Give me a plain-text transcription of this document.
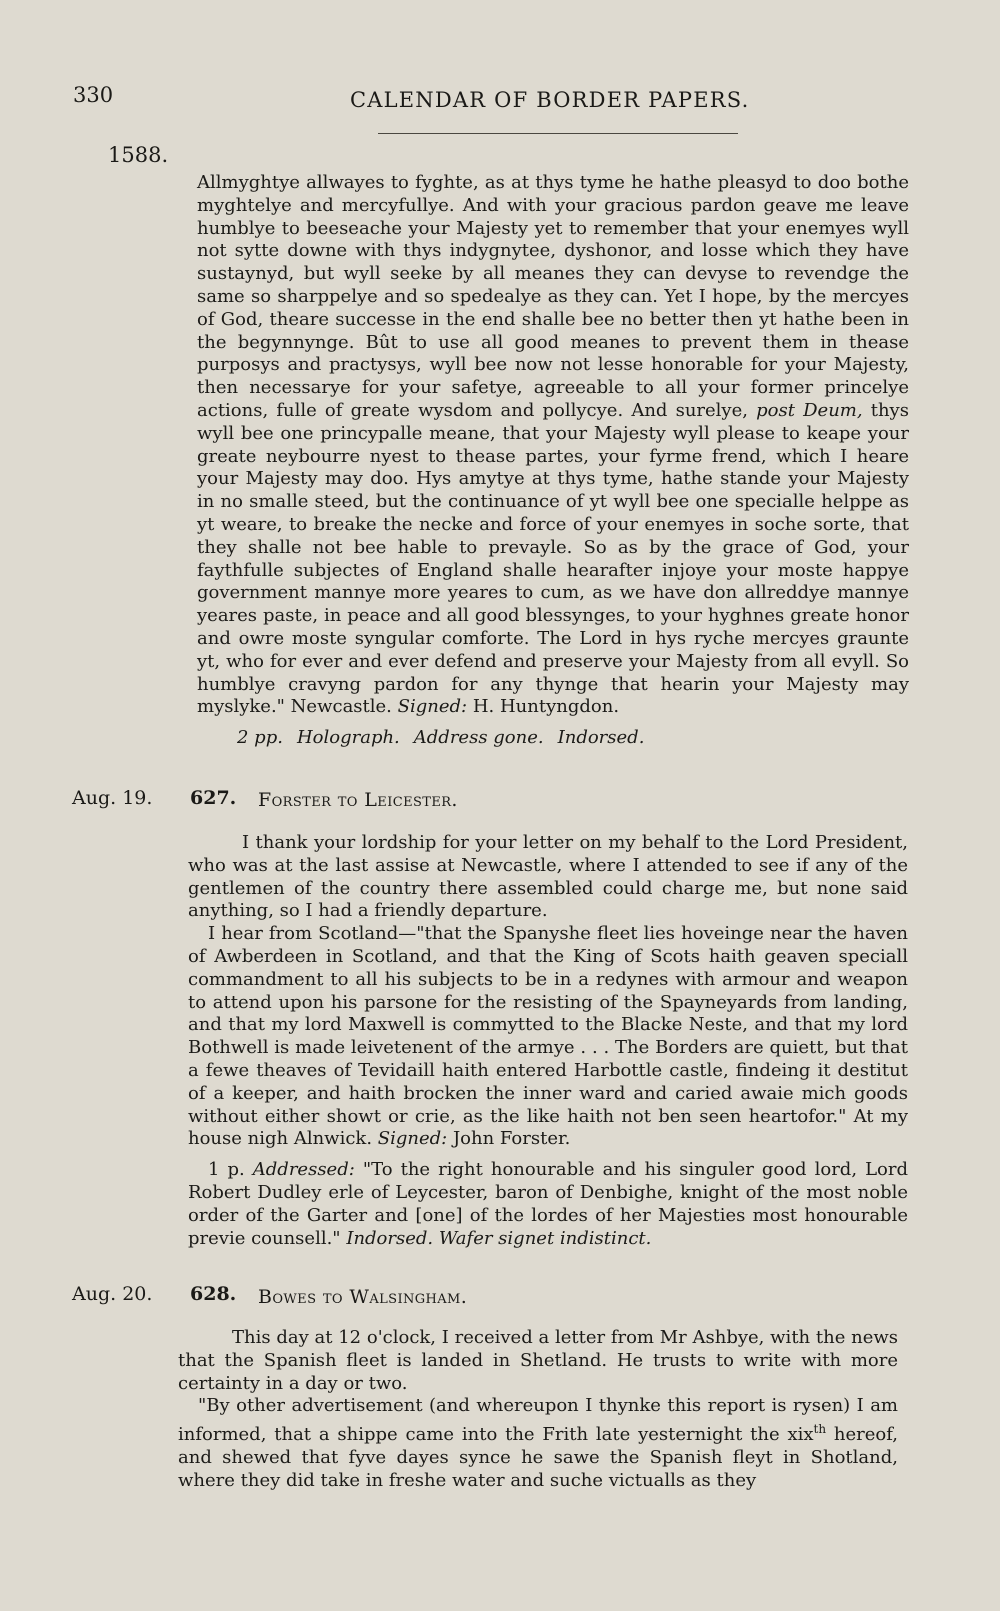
330	CALENDAR OF BORDER PAPERS.
1588.

Allmyghtye allwayes to fyghte, as at thys tyme he hathe pleasyd to doo bothe myghtelye and mercyfullye. And with your gracious pardon geave me leave humblye to beeseache your Majesty yet to remember that your enemyes wyll not sytte downe with thys indygnytee, dyshonor, and losse which they have sustaynyd, but wyll seeke by all meanes they can devyse to revendge the same so sharppelye and so spedealye as they can. Yet I hope, by the mercyes of God, theare successe in the end shalle bee no better then yt hathe been in the begynnynge. Bût to use all good meanes to prevent them in thease purposys and practysys, wyll bee now not lesse honorable for your Majesty, then necessarye for your safetye, agreeable to all your former princelye actions, fulle of greate wysdom and pollycye. And surelye, post Deum, thys wyll bee one princypalle meane, that your Majesty wyll please to keape your greate neybourre nyest to thease partes, your fyrme frend, which I heare your Majesty may doo. Hys amytye at thys tyme, hathe stande your Majesty in no smalle steed, but the continuance of yt wyll bee one specialle helppe as yt weare, to breake the necke and force of your enemyes in soche sorte, that they shalle not bee hable to prevayle. So as by the grace of God, your faythfulle subjectes of England shalle hearafter injoye your moste happye government mannye more yeares to cum, as we have don allreddye mannye yeares paste, in peace and all good blessynges, to your hyghnes greate honor and owre moste syngular comforte. The Lord in hys ryche mercyes graunte yt, who for ever and ever defend and preserve your Majesty from all evyll. So humblye cravyng pardon for any thynge that hearin your Majesty may myslyke." Newcastle. Signed: H. Huntyngdon.

2 pp. Holograph. Address gone. Indorsed.

Aug. 19. 627. Forster to Leicester.

I thank your lordship for your letter on my behalf to the Lord President, who was at the last assise at Newcastle, where I attended to see if any of the gentlemen of the country there assembled could charge me, but none said anything, so I had a friendly departure.

I hear from Scotland—"that the Spanyshe fleet lies hoveinge near the haven of Awberdeen in Scotland, and that the King of Scots haith geaven speciall commandment to all his subjects to be in a redynes with armour and weapon to attend upon his parsone for the resisting of the Spayneyards from landing, and that my lord Maxwell is commytted to the Blacke Neste, and that my lord Bothwell is made leivetenent of the armye . . . The Borders are quiett, but that a fewe theaves of Tevidaill haith entered Harbottle castle, findeing it destitut of a keeper, and haith brocken the inner ward and caried awaie mich goods without either showt or crie, as the like haith not ben seen heartofor." At my house nigh Alnwick. Signed: John Forster.

1 p. Addressed: "To the right honourable and his singuler good lord, Lord Robert Dudley erle of Leycester, baron of Denbighe, knight of the most noble order of the Garter and [one] of the lordes of her Majesties most honourable previe counsell." Indorsed. Wafer signet indistinct.

Aug. 20. 628. Bowes to Walsingham.

This day at 12 o'clock, I received a letter from Mr Ashbye, with the news that the Spanish fleet is landed in Shetland. He trusts to write with more certainty in a day or two.

"By other advertisement (and whereupon I thynke this report is rysen) I am informed, that a shippe came into the Frith late yesternight the xix$^{th}$ hereof, and shewed that fyve dayes synce he sawe the Spanish fleyt in Shotland, where they did take in freshe water and suche victualls as they
